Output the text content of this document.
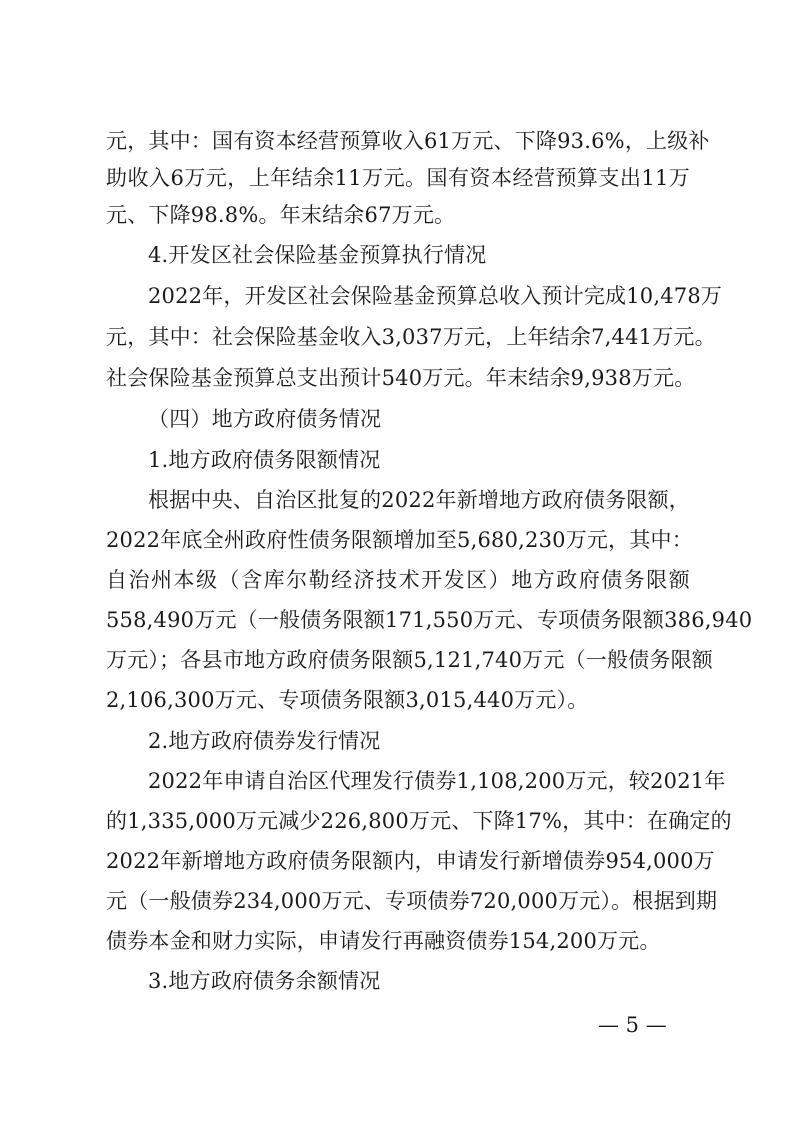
元，其中：国有资本经营预算收入61万元、下降93.6%，上级补
助收入6万元，上年结余11万元。国有资本经营预算支出11万
元、下降98.8%。年末结余67万元。
4.开发区社会保险基金预算执行情况
2022年，开发区社会保险基金预算总收入预计完成10,478万
元，其中：社会保险基金收入3,037万元，上年结余7,441万元。
社会保险基金预算总支出预计540万元。年末结余9,938万元。
（四）地方政府债务情况
1.地方政府债务限额情况
根据中央、自治区批复的2022年新增地方政府债务限额，
2022年底全州政府性债务限额增加至5,680,230万元，其中：
自治州本级（含库尔勒经济技术开发区）地方政府债务限额
558,490万元（一般债务限额171,550万元、专项债务限额386,940
万元）；各县市地方政府债务限额5,121,740万元（一般债务限额
2,106,300万元、专项债务限额3,015,440万元）。
2.地方政府债券发行情况
2022年申请自治区代理发行债券1,108,200万元，较2021年
的1,335,000万元减少226,800万元、下降17%，其中：在确定的
2022年新增地方政府债务限额内，申请发行新增债券954,000万
元（一般债券234,000万元、专项债券720,000万元）。根据到期
债券本金和财力实际，申请发行再融资债券154,200万元。
3.地方政府债务余额情况
— 5 —
